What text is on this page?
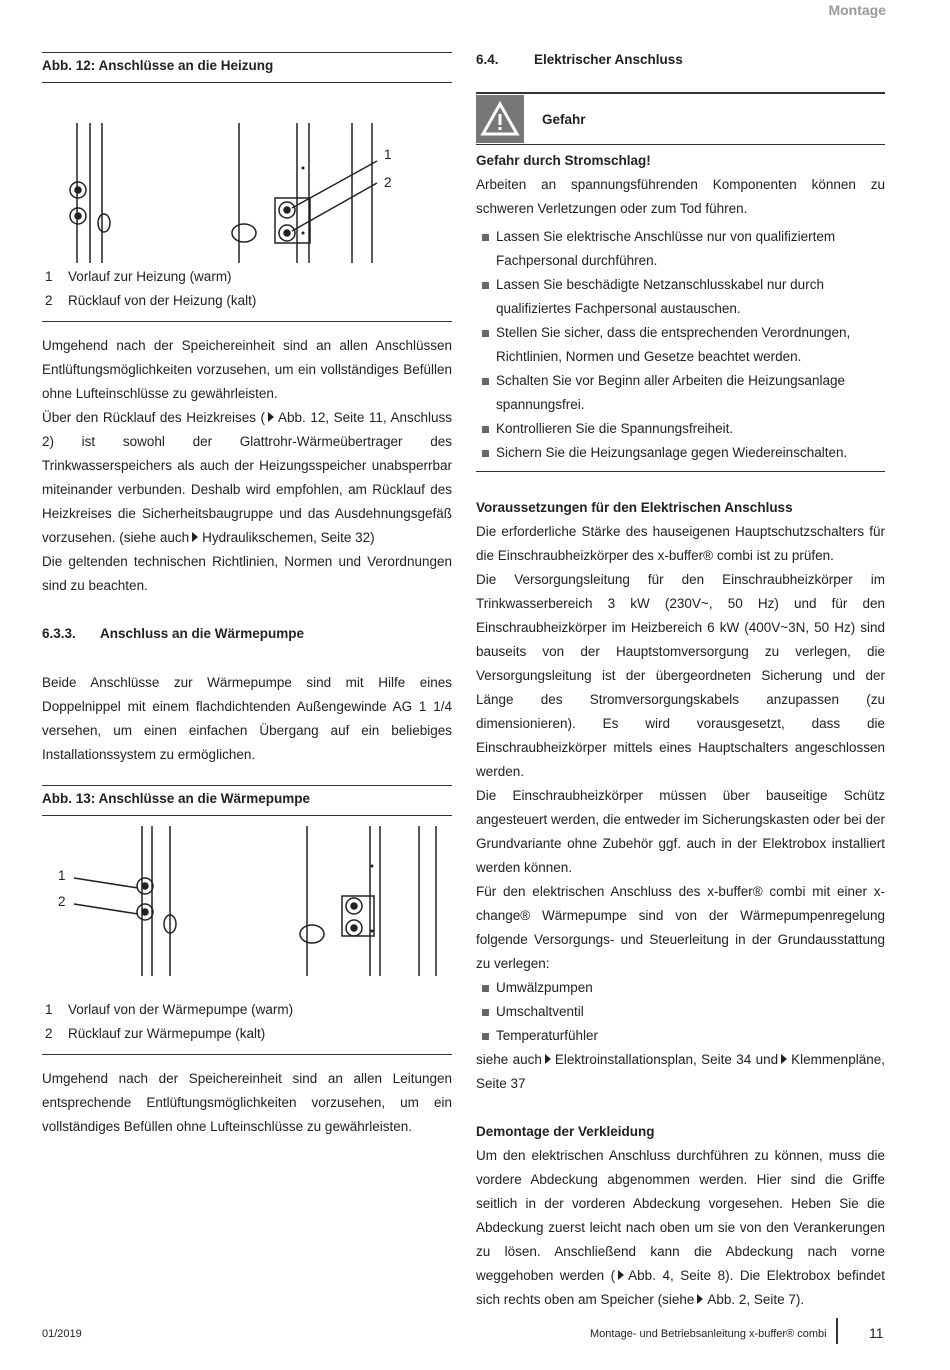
Montage
Abb. 12: Anschlüsse an die Heizung
1
2
1 Vorlauf zur Heizung (warm)
2 Rücklauf von der Heizung (kalt)

Umgehend nach der Speichereinheit sind an allen Anschlüssen Entlüftungsmöglichkeiten vorzusehen, um ein vollständiges Befüllen ohne Lufteinschlüsse zu gewährleisten.

Über den Rücklauf des Heizkreises ( Abb. 12, Seite 11, Anschluss 2) ist sowohl der Glattrohr-Wärmeübertrager des Trinkwasserspeichers als auch der Heizungsspeicher unabsperrbar miteinander verbunden. Deshalb wird empfohlen, am Rücklauf des Heizkreises die Sicherheitsbaugruppe und das Ausdehnungsgefäß vorzusehen. (siehe auch Hydraulikschemen, Seite 32)

Die geltenden technischen Richtlinien, Normen und Verordnungen sind zu beachten.

6.3.3. Anschluss an die Wärmepumpe

Beide Anschlüsse zur Wärmepumpe sind mit Hilfe eines Doppelnippel mit einem flachdichtenden Außengewinde AG 1 1/4 versehen, um einen einfachen Übergang auf ein beliebiges Installationssystem zu ermöglichen.

Abb. 13: Anschlüsse an die Wärmepumpe
1
2
1 Vorlauf von der Wärmepumpe (warm)
2 Rücklauf zur Wärmepumpe (kalt)

Umgehend nach der Speichereinheit sind an allen Leitungen entsprechende Entlüftungsmöglichkeiten vorzusehen, um ein vollständiges Befüllen ohne Lufteinschlüsse zu gewährleisten.

6.4.	Elektrischer Anschluss
Gefahr
Gefahr durch Stromschlag!

Arbeiten an spannungsführenden Komponenten können zu schweren Verletzungen oder zum Tod führen.

Lassen Sie elektrische Anschlüsse nur von qualifiziertem Fachpersonal durchführen.
Lassen Sie beschädigte Netzanschlusskabel nur durch qualifiziertes Fachpersonal austauschen.
Stellen Sie sicher, dass die entsprechenden Verordnungen, Richtlinien, Normen und Gesetze beachtet werden.
Schalten Sie vor Beginn aller Arbeiten die Heizungsanlage spannungsfrei.
Kontrollieren Sie die Spannungsfreiheit.
Sichern Sie die Heizungsanlage gegen Wiedereinschalten.
Voraussetzungen für den Elektrischen Anschluss

Die erforderliche Stärke des hauseigenen Hauptschutzschalters für die Einschraubheizkörper des x-buffer® combi ist zu prüfen.

Die Versorgungsleitung für den Einschraubheizkörper im Trinkwasserbereich 3 kW (230V~, 50 Hz) und für den Einschraubheizkörper im Heizbereich 6 kW (400V~3N, 50 Hz) sind bauseits von der Hauptstomversorgung zu verlegen, die Versorgungsleitung ist der übergeordneten Sicherung und der Länge des Stromversorgungskabels anzupassen (zu dimensionieren). Es wird vorausgesetzt, dass die Einschraubheizkörper mittels eines Hauptschalters angeschlossen werden.

Die Einschraubheizkörper müssen über bauseitige Schütz angesteuert werden, die entweder im Sicherungskasten oder bei der Grundvariante ohne Zubehör ggf. auch in der Elektrobox installiert werden können.

Für den elektrischen Anschluss des x-buffer® combi mit einer x-change® Wärmepumpe sind von der Wärmepumpenregelung folgende Versorgungs- und Steuerleitung in der Grundausstattung zu verlegen:

Umwälzpumpen
Umschaltventil
Temperaturfühler

siehe auch Elektroinstallationsplan, Seite 34 und Klemmenpläne, Seite 37

Demontage der Verkleidung

Um den elektrischen Anschluss durchführen zu können, muss die vordere Abdeckung abgenommen werden. Hier sind die Griffe seitlich in der vorderen Abdeckung vorgesehen. Heben Sie die Abdeckung zuerst leicht nach oben um sie von den Verankerungen zu lösen. Anschließend kann die Abdeckung nach vorne weggehoben werden ( Abb. 4, Seite 8). Die Elektrobox befindet sich rechts oben am Speicher (siehe Abb. 2, Seite 7).

01/2019	Montage- und Betriebsanleitung x-buffer® combi	11
